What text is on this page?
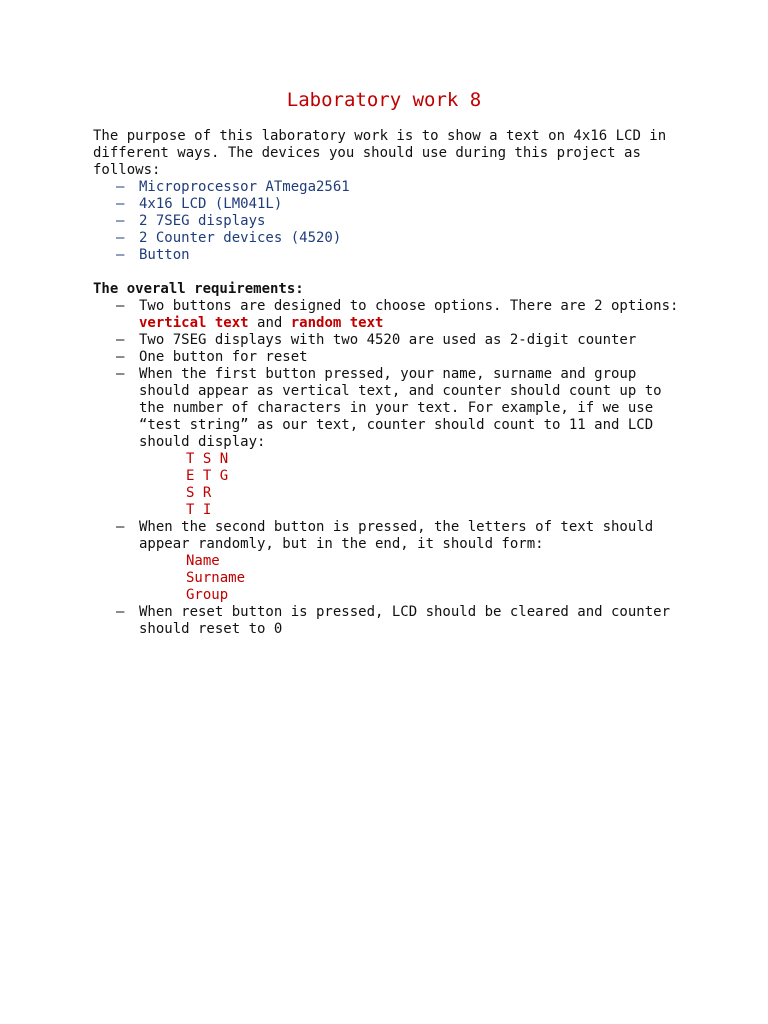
Laboratory work 8

The purpose of this laboratory work is to show a text on 4x16 LCD in different ways. The devices you should use during this project as follows:

– Microprocessor ATmega2561
– 4x16 LCD (LM041L)
– 2 7SEG displays
– 2 Counter devices (4520)
– Button

The overall requirements:

– Two buttons are designed to choose options. There are 2 options:
vertical text and random text
– Two 7SEG displays with two 4520 are used as 2-digit counter
– One button for reset
– When the first button pressed, your name, surname and group should appear as vertical text, and counter should count up to the number of characters in your text. For example, if we use “test string” as our text, counter should count to 11 and LCD should display:

T S N

E T G

S R

T I

– When the second button is pressed, the letters of text should appear randomly, but in the end, it should form:

Name

Surname

Group

– When reset button is pressed, LCD should be cleared and counter should reset to 0
